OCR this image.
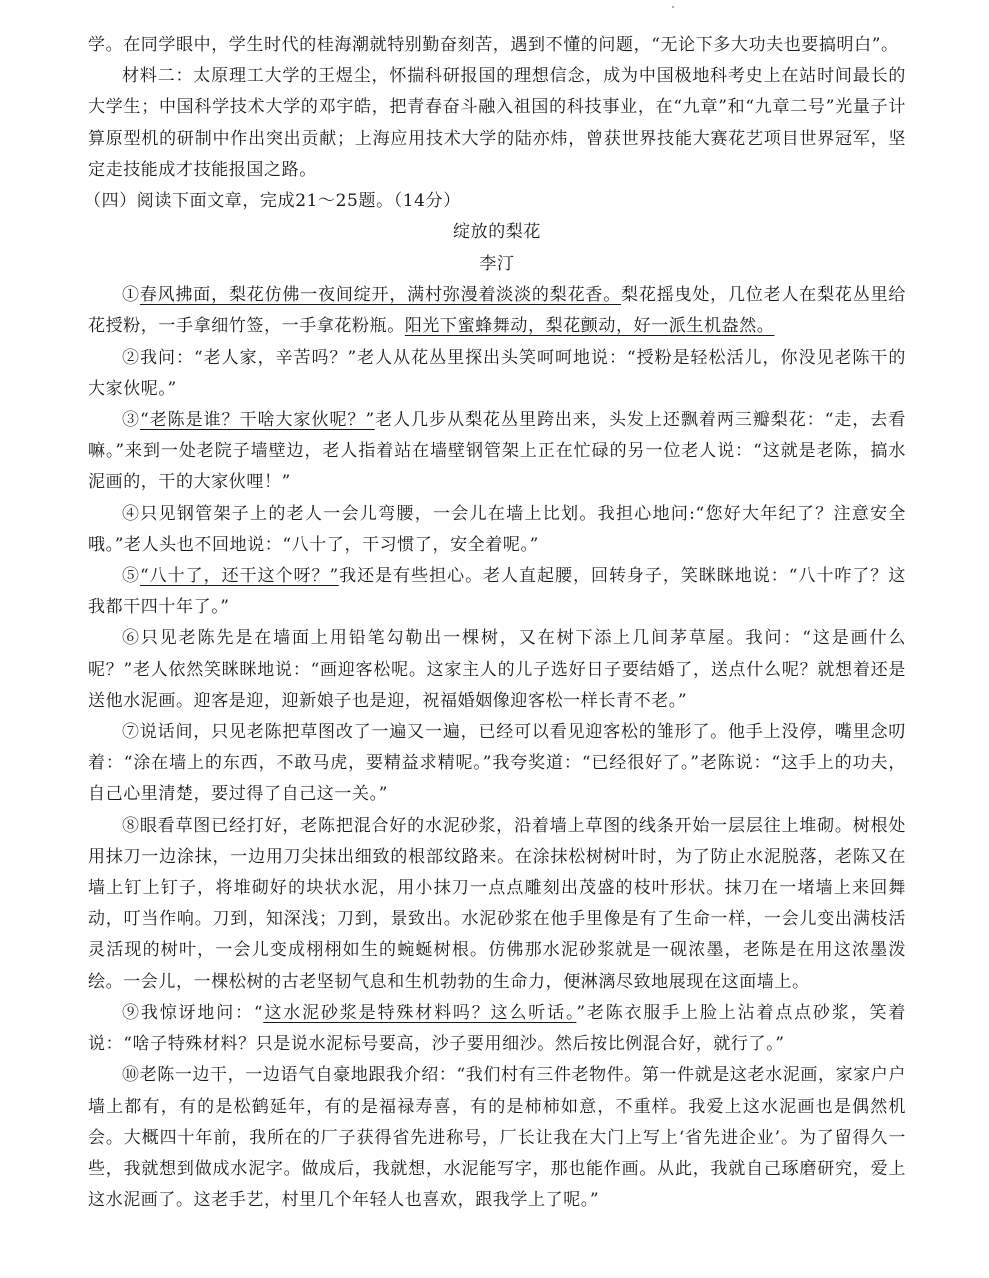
学。在同学眼中，学生时代的桂海潮就特别勤奋刻苦，遇到不懂的问题，“无论下多大功夫也要搞明白”。

材料二：太原理工大学的王煜尘，怀揣科研报国的理想信念，成为中国极地科考史上在站时间最长的大学生；中国科学技术大学的邓宇皓，把青春奋斗融入祖国的科技事业，在“九章”和“九章二号”光量子计算原型机的研制中作出突出贡献；上海应用技术大学的陆亦炜，曾获世界技能大赛花艺项目世界冠军，坚定走技能成才技能报国之路。

（四）阅读下面文章，完成21～25题。（14分）

绽放的梨花

李汀

①春风拂面，梨花仿佛一夜间绽开，满村弥漫着淡淡的梨花香。梨花摇曳处，几位老人在梨花丛里给花授粉，一手拿细竹签，一手拿花粉瓶。阳光下蜜蜂舞动，梨花颤动，好一派生机盎然。

②我问：“老人家，辛苦吗？”老人从花丛里探出头笑呵呵地说：“授粉是轻松活儿，你没见老陈干的大家伙呢。”

③“老陈是谁？干啥大家伙呢？”老人几步从梨花丛里跨出来，头发上还飘着两三瓣梨花：“走，去看嘛。”来到一处老院子墙壁边，老人指着站在墙壁钢管架上正在忙碌的另一位老人说：“这就是老陈，搞水泥画的，干的大家伙哩！”

④只见钢管架子上的老人一会儿弯腰，一会儿在墙上比划。我担心地问:“您好大年纪了？注意安全哦。”老人头也不回地说：“八十了，干习惯了，安全着呢。”

⑤“八十了，还干这个呀？”我还是有些担心。老人直起腰，回转身子，笑眯眯地说：“八十咋了？这我都干四十年了。”

⑥只见老陈先是在墙面上用铅笔勾勒出一棵树，又在树下添上几间茅草屋。我问：“这是画什么呢？”老人依然笑眯眯地说：“画迎客松呢。这家主人的儿子选好日子要结婚了，送点什么呢？就想着还是送他水泥画。迎客是迎，迎新娘子也是迎，祝福婚姻像迎客松一样长青不老。”

⑦说话间，只见老陈把草图改了一遍又一遍，已经可以看见迎客松的雏形了。他手上没停，嘴里念叨着：“涂在墙上的东西，不敢马虎，要精益求精呢。”我夸奖道：“已经很好了。”老陈说：“这手上的功夫，自己心里清楚，要过得了自己这一关。”

⑧眼看草图已经打好，老陈把混合好的水泥砂浆，沿着墙上草图的线条开始一层层往上堆砌。树根处用抹刀一边涂抹，一边用刀尖抹出细致的根部纹路来。在涂抹松树树叶时，为了防止水泥脱落，老陈又在墙上钉上钉子，将堆砌好的块状水泥，用小抹刀一点点雕刻出茂盛的枝叶形状。抹刀在一堵墙上来回舞动，叮当作响。刀到，知深浅；刀到，景致出。水泥砂浆在他手里像是有了生命一样，一会儿变出满枝活灵活现的树叶，一会儿变成栩栩如生的蜿蜒树根。仿佛那水泥砂浆就是一砚浓墨，老陈是在用这浓墨泼绘。一会儿，一棵松树的古老坚韧气息和生机勃勃的生命力，便淋漓尽致地展现在这面墙上。

⑨我惊讶地问：“这水泥砂浆是特殊材料吗？这么听话。”老陈衣服手上脸上沾着点点砂浆，笑着说：“啥子特殊材料？只是说水泥标号要高，沙子要用细沙。然后按比例混合好，就行了。”

⑩老陈一边干，一边语气自豪地跟我介绍：“我们村有三件老物件。第一件就是这老水泥画，家家户户墙上都有，有的是松鹤延年，有的是福禄寿喜，有的是柿柿如意，不重样。我爱上这水泥画也是偶然机会。大概四十年前，我所在的厂子获得省先进称号，厂长让我在大门上写上‘省先进企业’。为了留得久一些，我就想到做成水泥字。做成后，我就想，水泥能写字，那也能作画。从此，我就自己琢磨研究，爱上这水泥画了。这老手艺，村里几个年轻人也喜欢，跟我学上了呢。”
